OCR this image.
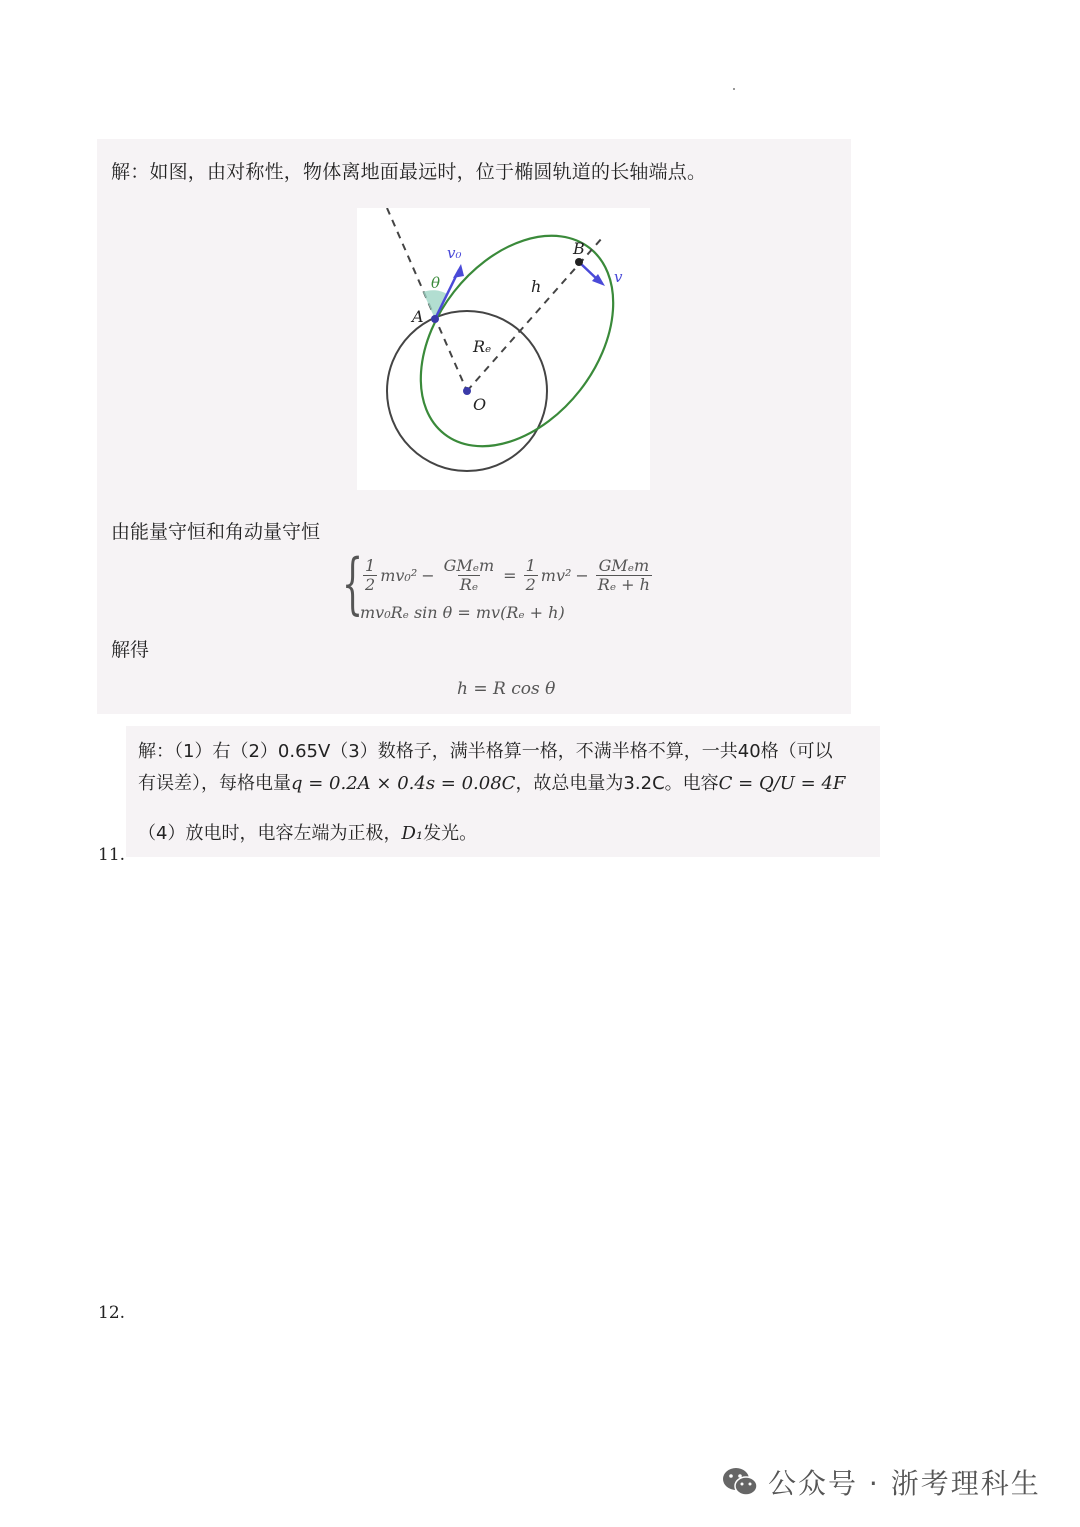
解：如图，由对称性，物体离地面最远时，位于椭圆轨道的长轴端点。
v₀	B
v
θ	h
A
Rₑ
O
由能量守恒和角动量守恒
{ $\frac{1}{2} mv_0^2 - \frac{\text{GMₑm}}{\text{Rₑ}} = \frac{1}{2} mv^2 - \frac{\text{GMₑm}}{\text{Rₑ + h}}$
mv₀Rₑ sin θ = mv(Rₑ + h)
解得
h = R cos θ
11.
解：（1）右（2）0.65V（3）数格子，满半格算一格，不满半格不算，一共40格（可以
有误差），每格电量q = 0.2A × 0.4s = 0.08C，故总电量为3.2C。电容C = Q/U = 4F
（4）放电时，电容左端为正极，D₁发光。
12.
公众号 · 浙考理科生
